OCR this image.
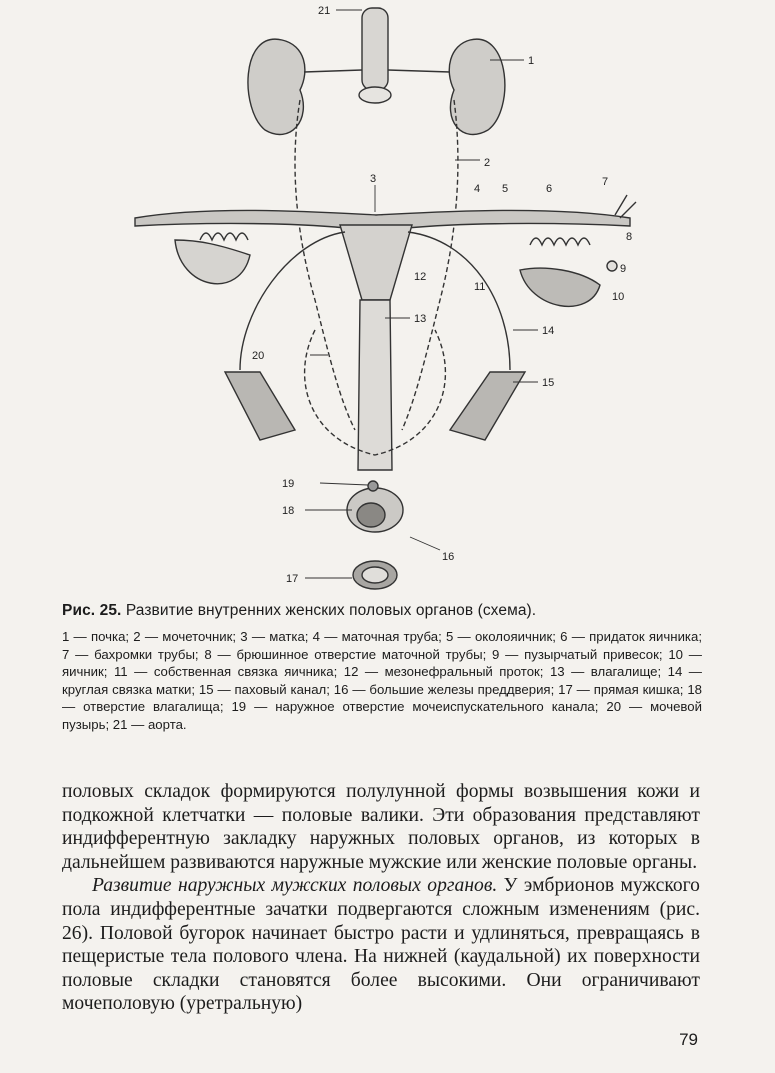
21
1
2
3
4 5	6
7
8
9
10
11
12
13
14
15
20
19
18
16
17

Рис. 25. Развитие внутренних женских половых органов (схема).

1 — почка; 2 — мочеточник; 3 — матка; 4 — маточная труба; 5 — околояичник; 6 — придаток яичника; 7 — бахромки трубы; 8 — брюшинное отверстие маточной трубы; 9 — пузырчатый привесок; 10 — яичник; 11 — собственная связка яичника; 12 — мезонефральный проток; 13 — влагалище; 14 — круглая связка матки; 15 — паховый канал; 16 — большие железы преддверия; 17 — прямая кишка; 18 — отверстие влагалища; 19 — наружное отверстие мочеиспускательного канала; 20 — мочевой пузырь; 21 — аорта.

половых складок формируются полулунной формы возвышения кожи и подкожной клетчатки — половые валики. Эти образования представляют индифферентную закладку наружных половых органов, из которых в дальнейшем развиваются наружные мужские или женские половые органы.

Развитие наружных мужских половых органов. У эмбрионов мужского пола индифферентные зачатки подвергаются сложным изменениям (рис. 26). Половой бугорок начинает быстро расти и удлиняться, превращаясь в пещеристые тела полового члена. На нижней (каудальной) их поверхности половые складки становятся более высокими. Они ограничивают мочеполовую (уретральную)

79
